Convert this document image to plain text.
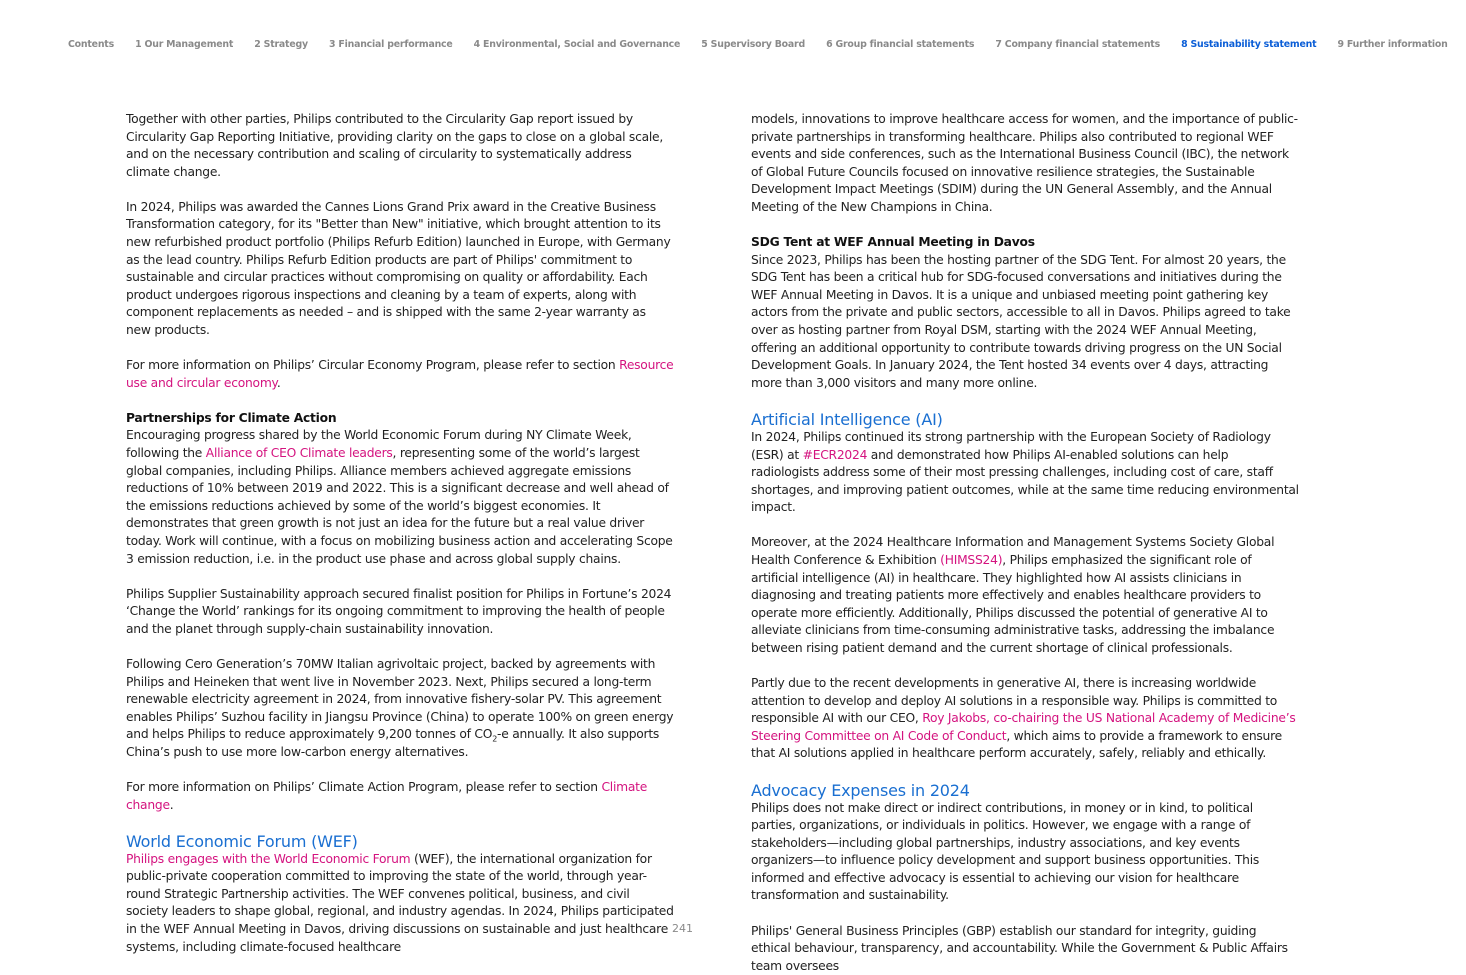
Contents 1 Our Management 2 Strategy 3 Financial performance 4 Environmental, Social and Governance 5 Supervisory Board 6 Group financial statements 7 Company financial statements 8 Sustainability statement 9 Further information

Together with other parties, Philips contributed to the Circularity Gap report issued by Circularity Gap Reporting Initiative, providing clarity on the gaps to close on a global scale, and on the necessary contribution and scaling of circularity to systematically address climate change.

In 2024, Philips was awarded the Cannes Lions Grand Prix award in the Creative Business Transformation category, for its "Better than New" initiative, which brought attention to its new refurbished product portfolio (Philips Refurb Edition) launched in Europe, with Germany as the lead country. Philips Refurb Edition products are part of Philips' commitment to sustainable and circular practices without compromising on quality or affordability. Each product undergoes rigorous inspections and cleaning by a team of experts, along with component replacements as needed – and is shipped with the same 2-year warranty as new products.

For more information on Philips’ Circular Economy Program, please refer to section Resource use and circular economy.

Partnerships for Climate Action

Encouraging progress shared by the World Economic Forum during NY Climate Week, following the Alliance of CEO Climate leaders, representing some of the world’s largest global companies, including Philips. Alliance members achieved aggregate emissions reductions of 10% between 2019 and 2022. This is a significant decrease and well ahead of the emissions reductions achieved by some of the world’s biggest economies. It demonstrates that green growth is not just an idea for the future but a real value driver today. Work will continue, with a focus on mobilizing business action and accelerating Scope 3 emission reduction, i.e. in the product use phase and across global supply chains.

Philips Supplier Sustainability approach secured finalist position for Philips in Fortune’s 2024 ‘Change the World’ rankings for its ongoing commitment to improving the health of people and the planet through supply-chain sustainability innovation.

Following Cero Generation’s 70MW Italian agrivoltaic project, backed by agreements with Philips and Heineken that went live in November 2023. Next, Philips secured a long-term renewable electricity agreement in 2024, from innovative fishery-solar PV. This agreement enables Philips’ Suzhou facility in Jiangsu Province (China) to operate 100% on green energy and helps Philips to reduce approximately 9,200 tonnes of $CO_2-e$ annually. It also supports China’s push to use more low-carbon energy alternatives.

For more information on Philips’ Climate Action Program, please refer to section Climate change.

World Economic Forum (WEF)

Philips engages with the World Economic Forum (WEF), the international organization for public-private cooperation committed to improving the state of the world, through year-round Strategic Partnership activities. The WEF convenes political, business, and civil society leaders to shape global, regional, and industry agendas. In 2024, Philips participated in the WEF Annual Meeting in Davos, driving discussions on sustainable and just healthcare systems, including climate-focused healthcare

models, innovations to improve healthcare access for women, and the importance of public-private partnerships in transforming healthcare. Philips also contributed to regional WEF events and side conferences, such as the International Business Council (IBC), the network of Global Future Councils focused on innovative resilience strategies, the Sustainable Development Impact Meetings (SDIM) during the UN General Assembly, and the Annual Meeting of the New Champions in China.

SDG Tent at WEF Annual Meeting in Davos

Since 2023, Philips has been the hosting partner of the SDG Tent. For almost 20 years, the SDG Tent has been a critical hub for SDG-focused conversations and initiatives during the WEF Annual Meeting in Davos. It is a unique and unbiased meeting point gathering key actors from the private and public sectors, accessible to all in Davos. Philips agreed to take over as hosting partner from Royal DSM, starting with the 2024 WEF Annual Meeting, offering an additional opportunity to contribute towards driving progress on the UN Social Development Goals. In January 2024, the Tent hosted 34 events over 4 days, attracting more than 3,000 visitors and many more online.

Artificial Intelligence (AI)

In 2024, Philips continued its strong partnership with the European Society of Radiology (ESR) at #ECR2024 and demonstrated how Philips AI-enabled solutions can help radiologists address some of their most pressing challenges, including cost of care, staff shortages, and improving patient outcomes, while at the same time reducing environmental impact.

Moreover, at the 2024 Healthcare Information and Management Systems Society Global Health Conference & Exhibition (HIMSS24), Philips emphasized the significant role of artificial intelligence (AI) in healthcare. They highlighted how AI assists clinicians in diagnosing and treating patients more effectively and enables healthcare providers to operate more efficiently. Additionally, Philips discussed the potential of generative AI to alleviate clinicians from time-consuming administrative tasks, addressing the imbalance between rising patient demand and the current shortage of clinical professionals.

Partly due to the recent developments in generative AI, there is increasing worldwide attention to develop and deploy AI solutions in a responsible way. Philips is committed to responsible AI with our CEO, Roy Jakobs, co-chairing the US National Academy of Medicine’s Steering Committee on AI Code of Conduct, which aims to provide a framework to ensure that AI solutions applied in healthcare perform accurately, safely, reliably and ethically.

Advocacy Expenses in 2024

Philips does not make direct or indirect contributions, in money or in kind, to political parties, organizations, or individuals in politics. However, we engage with a range of stakeholders—including global partnerships, industry associations, and key events organizers—to influence policy development and support business opportunities. This informed and effective advocacy is essential to achieving our vision for healthcare transformation and sustainability.

Philips' General Business Principles (GBP) establish our standard for integrity, guiding ethical behaviour, transparency, and accountability. While the Government & Public Affairs team oversees

241
